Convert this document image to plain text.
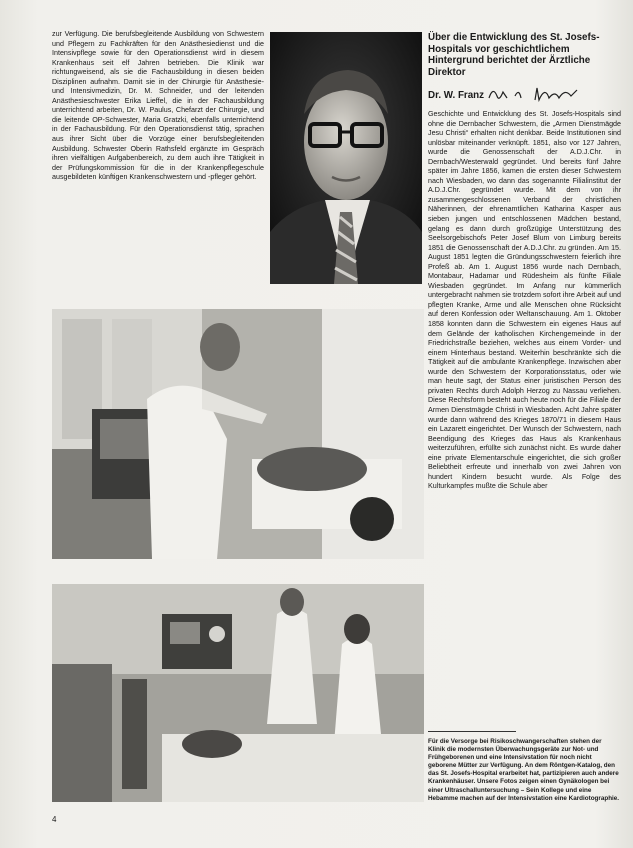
zur Verfügung. Die berufsbegleitende Ausbildung von Schwestern und Pflegern zu Fachkräften für den Anästhesiedienst und die Intensivpflege sowie für den Operationsdienst wird in diesem Krankenhaus seit elf Jahren betrieben. Die Klinik war richtungweisend, als sie die Fachausbildung in diesen beiden Disziplinen aufnahm. Damit sie in der Chirurgie für Anästhesie- und Intensivmedizin, Dr. M. Schneider, und der leitenden Anästhesieschwester Erika Lieffel, die in der Fachausbildung unterrichtend arbeiten, Dr. W. Paulus, Chefarzt der Chirurgie, und die leitende OP-Schwester, Maria Gratzki, ebenfalls unterrichtend in der Fachausbildung. Für den Operationsdienst tätig, sprachen aus ihrer Sicht über die Vorzüge einer berufsbegleitenden Ausbildung. Schwester Oberin Rathsfeld ergänzte im Gespräch ihren vielfältigen Aufgabenbereich, zu dem auch ihre Tätigkeit in der Prüfungskommission für die in der Krankenpflegeschule ausgebildeten künftigen Krankenschwestern und -pfleger gehört.

Über die Entwicklung des St. Josefs-Hospitals vor geschichtlichem Hintergrund berichtet der Ärztliche Direktor
Dr. W. Franz

Geschichte und Entwicklung des St. Josefs-Hospitals sind ohne die Dernbacher Schwestern, die „Armen Dienstmägde Jesu Christi“ erhalten nicht denkbar. Beide Institutionen sind unlösbar miteinander verknüpft. 1851, also vor 127 Jahren, wurde die Genossenschaft der A.D.J.Chr. in Dernbach/Westerwald gegründet. Und bereits fünf Jahre später im Jahre 1856, kamen die ersten dieser Schwestern nach Wiesbaden, wo dann das sogenannte Filialinstitut der A.D.J.Chr. gegründet wurde. Mit dem von ihr zusammengeschlossenen Verband der christlichen Näherinnen, der ehrenamtlichen Katharina Kasper aus sieben jungen und entschlossenen Mädchen bestand, gelang es dann durch großzügige Unterstützung des Seelsorgebischofs Peter Josef Blum von Limburg bereits 1851 die Genossenschaft der A.D.J.Chr. zu gründen. Am 15. August 1851 legten die Gründungsschwestern feierlich ihre Profeß ab. Am 1. August 1856 wurde nach Dernbach, Montabaur, Hadamar und Rüdesheim als fünfte Filiale Wiesbaden gegründet. Im Anfang nur kümmerlich untergebracht nahmen sie trotzdem sofort ihre Arbeit auf und pflegten Kranke, Arme und alle Menschen ohne Rücksicht auf deren Konfession oder Weltanschauung. Am 1. Oktober 1858 konnten dann die Schwestern ein eigenes Haus auf dem Gelände der katholischen Kirchengemeinde in der Friedrichstraße beziehen, welches aus einem Vorder- und einem Hinterhaus bestand. Weiterhin beschränkte sich die Tätigkeit auf die ambulante Krankenpflege. Inzwischen aber wurde den Schwestern der Korporationsstatus, oder wie man heute sagt, der Status einer juristischen Person des privaten Rechts durch Adolph Herzog zu Nassau verliehen. Diese Rechtsform besteht auch heute noch für die Filiale der Armen Dienstmägde Christi in Wiesbaden. Acht Jahre später wurde dann während des Krieges 1870/71 in diesem Haus ein Lazarett eingerichtet. Der Wunsch der Schwestern, nach Beendigung des Krieges das Haus als Krankenhaus weiterzuführen, erfüllte sich zunächst nicht. Es wurde daher eine private Elementarschule eingerichtet, die sich großer Beliebtheit erfreute und innerhalb von zwei Jahren von hundert Kindern besucht wurde. Als Folge des Kulturkampfes mußte die Schule aber

Für die Versorge bei Risikoschwangerschaften stehen der Klinik die modernsten Überwachungsgeräte zur Not- und Frühgeborenen und eine Intensivstation für noch nicht geborene Mütter zur Verfügung. An dem Röntgen-Katalog, den das St. Josefs-Hospital erarbeitet hat, partizipieren auch andere Krankenhäuser. Unsere Fotos zeigen einen Gynäkologen bei einer Ultraschalluntersuchung – Sein Kollege und eine Hebamme machen auf der Intensivstation eine Kardiotographie.

4
